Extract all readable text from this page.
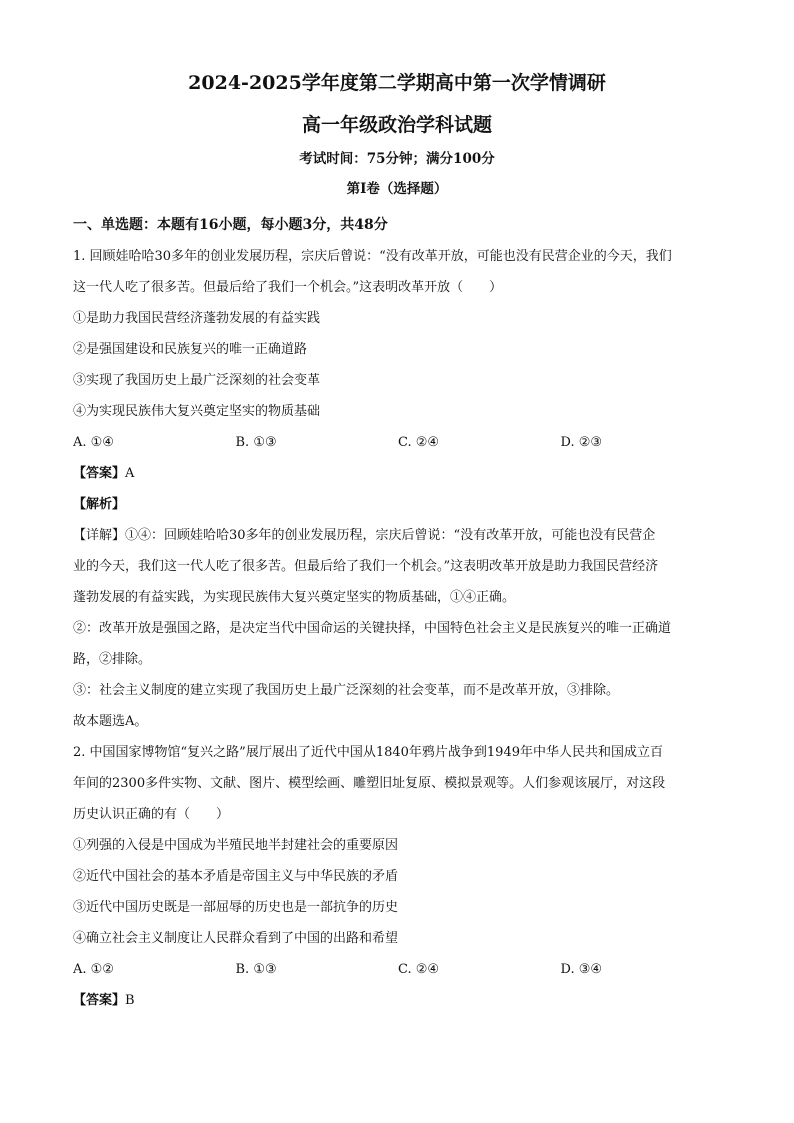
2024-2025学年度第二学期高中第一次学情调研
高一年级政治学科试题
考试时间：75分钟；满分100分
第Ⅰ卷（选择题）
一、单选题：本题有16小题，每小题3分，共48分
1. 回顾娃哈哈30多年的创业发展历程，宗庆后曾说：“没有改革开放，可能也没有民营企业的今天，我们
这一代人吃了很多苦。但最后给了我们一个机会。”这表明改革开放（　　）
①是助力我国民营经济蓬勃发展的有益实践
②是强国建设和民族复兴的唯一正确道路
③实现了我国历史上最广泛深刻的社会变革
④为实现民族伟大复兴奠定坚实的物质基础
A. ①④	B. ①③	C. ②④	D. ②③
【答案】A
【解析】
【详解】①④：回顾娃哈哈30多年的创业发展历程，宗庆后曾说：“没有改革开放，可能也没有民营企
业的今天，我们这一代人吃了很多苦。但最后给了我们一个机会。”这表明改革开放是助力我国民营经济
蓬勃发展的有益实践，为实现民族伟大复兴奠定坚实的物质基础，①④正确。
②：改革开放是强国之路，是决定当代中国命运的关键抉择，中国特色社会主义是民族复兴的唯一正确道
路，②排除。
③：社会主义制度的建立实现了我国历史上最广泛深刻的社会变革，而不是改革开放，③排除。
故本题选A。
2. 中国国家博物馆“复兴之路”展厅展出了近代中国从1840年鸦片战争到1949年中华人民共和国成立百
年间的2300多件实物、文献、图片、模型绘画、雕塑旧址复原、模拟景观等。人们参观该展厅，对这段
历史认识正确的有（　　）
①列强的入侵是中国成为半殖民地半封建社会的重要原因
②近代中国社会的基本矛盾是帝国主义与中华民族的矛盾
③近代中国历史既是一部屈辱的历史也是一部抗争的历史
④确立社会主义制度让人民群众看到了中国的出路和希望
A. ①②	B. ①③	C. ②④	D. ③④
【答案】B
